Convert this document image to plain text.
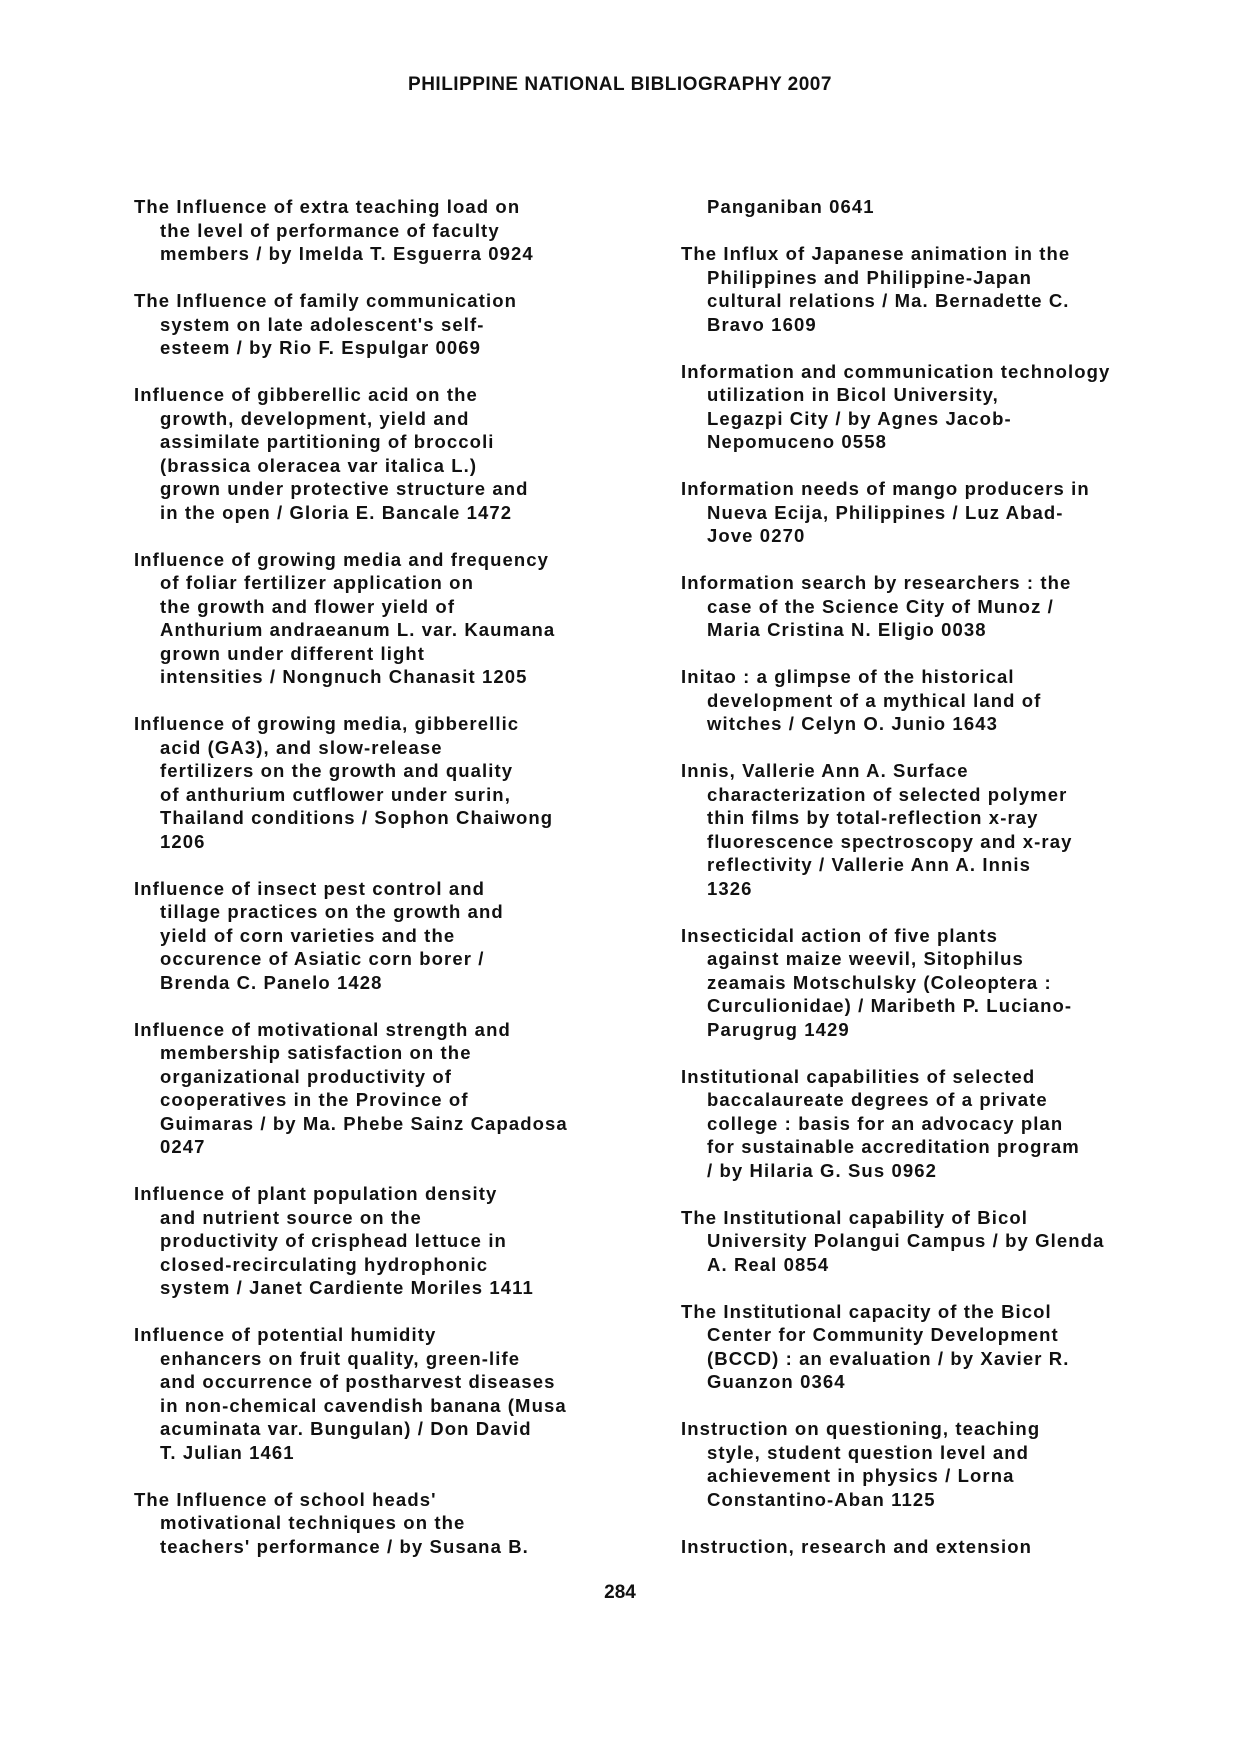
PHILIPPINE NATIONAL BIBLIOGRAPHY 2007

The Influence of extra teaching load on
the level of performance of faculty
members / by Imelda T. Esguerra 0924

The Influence of family communication
system on late adolescent's self-
esteem / by Rio F. Espulgar 0069

Influence of gibberellic acid on the
growth, development, yield and
assimilate partitioning of broccoli
(brassica oleracea var italica L.)
grown under protective structure and
in the open / Gloria E. Bancale 1472

Influence of growing media and frequency
of foliar fertilizer application on
the growth and flower yield of
Anthurium andraeanum L. var. Kaumana
grown under different light
intensities / Nongnuch Chanasit 1205

Influence of growing media, gibberellic
acid (GA3), and slow-release
fertilizers on the growth and quality
of anthurium cutflower under surin,
Thailand conditions / Sophon Chaiwong
1206

Influence of insect pest control and
tillage practices on the growth and
yield of corn varieties and the
occurence of Asiatic corn borer /
Brenda C. Panelo 1428

Influence of motivational strength and
membership satisfaction on the
organizational productivity of
cooperatives in the Province of
Guimaras / by Ma. Phebe Sainz Capadosa
0247

Influence of plant population density
and nutrient source on the
productivity of crisphead lettuce in
closed-recirculating hydrophonic
system / Janet Cardiente Moriles 1411

Influence of potential humidity
enhancers on fruit quality, green-life
and occurrence of postharvest diseases
in non-chemical cavendish banana (Musa
acuminata var. Bungulan) / Don David
T. Julian 1461

The Influence of school heads'
motivational techniques on the
teachers' performance / by Susana B.

Panganiban 0641

The Influx of Japanese animation in the
Philippines and Philippine-Japan
cultural relations / Ma. Bernadette C.
Bravo 1609

Information and communication technology
utilization in Bicol University,
Legazpi City / by Agnes Jacob-
Nepomuceno 0558

Information needs of mango producers in
Nueva Ecija, Philippines / Luz Abad-
Jove 0270

Information search by researchers : the
case of the Science City of Munoz /
Maria Cristina N. Eligio 0038

Initao : a glimpse of the historical
development of a mythical land of
witches / Celyn O. Junio 1643

Innis, Vallerie Ann A. Surface
characterization of selected polymer
thin films by total-reflection x-ray
fluorescence spectroscopy and x-ray
reflectivity / Vallerie Ann A. Innis
1326

Insecticidal action of five plants
against maize weevil, Sitophilus
zeamais Motschulsky (Coleoptera :
Curculionidae) / Maribeth P. Luciano-
Parugrug 1429

Institutional capabilities of selected
baccalaureate degrees of a private
college : basis for an advocacy plan
for sustainable accreditation program
/ by Hilaria G. Sus 0962

The Institutional capability of Bicol
University Polangui Campus / by Glenda
A. Real 0854

The Institutional capacity of the Bicol
Center for Community Development
(BCCD) : an evaluation / by Xavier R.
Guanzon 0364

Instruction on questioning, teaching
style, student question level and
achievement in physics / Lorna
Constantino-Aban 1125

Instruction, research and extension

284
